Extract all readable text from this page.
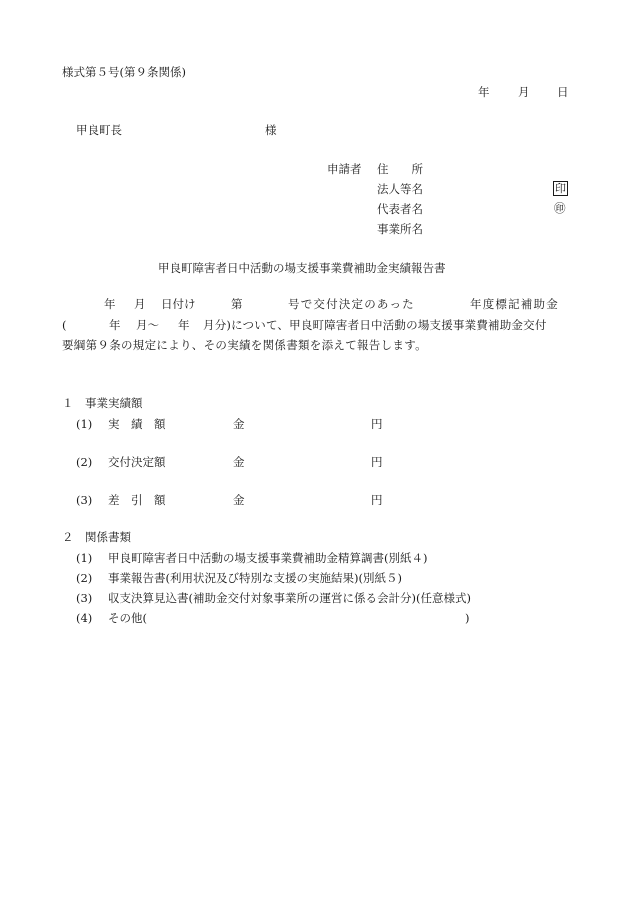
様式第５号(第９条関係)
年 月 日
甲良町長	様
申請者 住　　所
法人等名	印
代表者名	㊞
事業所名
甲良町障害者日中活動の場支援事業費補助金実績報告書
年 月 日付け	第	号で交付決定のあった	年度標記補助金
(	年 月～ 年 月分)について、甲良町障害者日中活動の場支援事業費補助金交付
要綱第９条の規定により、その実績を関係書類を添えて報告します。
１　事業実績額
(1) 実　績　額	金	円
(2) 交付決定額	金	円
(3) 差　引　額	金	円
２　関係書類
(1) 甲良町障害者日中活動の場支援事業費補助金精算調書(別紙４)
(2) 事業報告書(利用状況及び特別な支援の実施結果)(別紙５)
(3) 収支決算見込書(補助金交付対象事業所の運営に係る会計分)(任意様式)
(4) その他(	)
